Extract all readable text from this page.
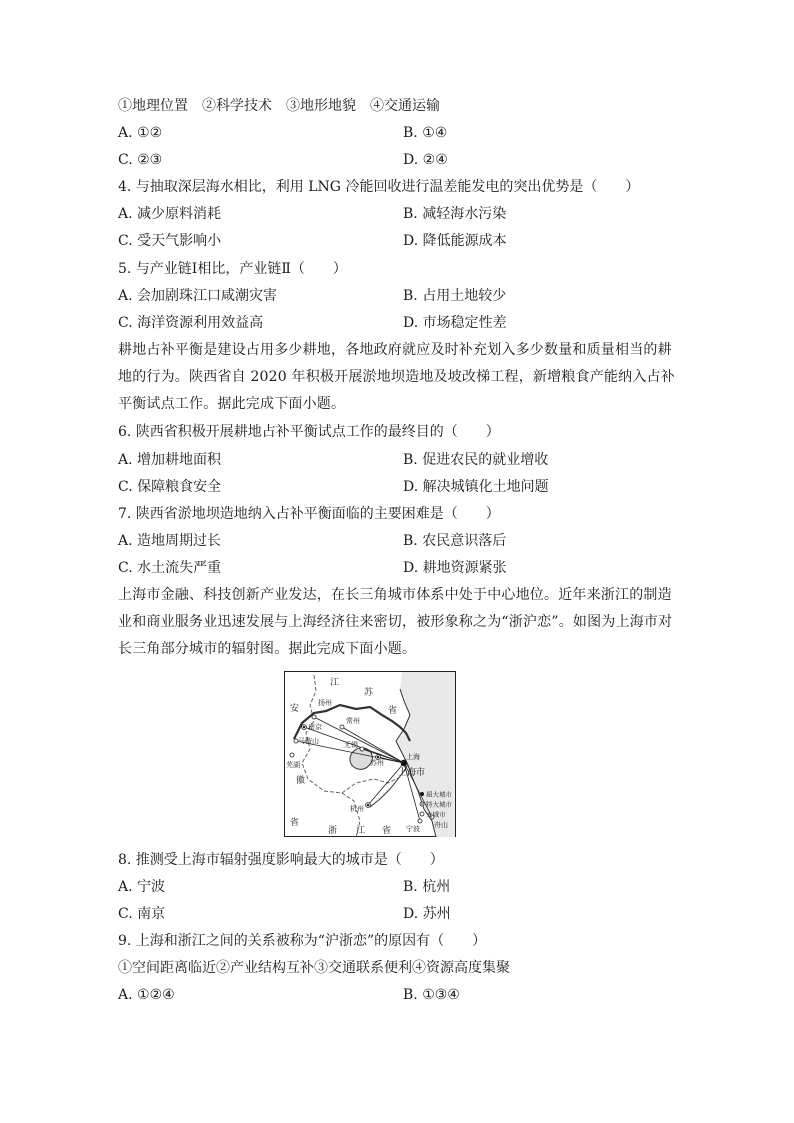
①地理位置　②科学技术　③地形地貌　④交通运输
A. ①②	B. ①④
C. ②③	D. ②④
4. 与抽取深层海水相比，利用 LNG 冷能回收进行温差能发电的突出优势是（　　）
A. 减少原料消耗	B. 减轻海水污染
C. 受天气影响小	D. 降低能源成本
5. 与产业链Ⅰ相比，产业链Ⅱ（　　）
A. 会加剧珠江口咸潮灾害	B. 占用土地较少
C. 海洋资源利用效益高	D. 市场稳定性差
耕地占补平衡是建设占用多少耕地，各地政府就应及时补充划入多少数量和质量相当的耕地的行为。陕西省自 2020 年积极开展淤地坝造地及坡改梯工程，新增粮食产能纳入占补平衡试点工作。据此完成下面小题。
6. 陕西省积极开展耕地占补平衡试点工作的最终目的（　　）
A. 增加耕地面积	B. 促进农民的就业增收
C. 保障粮食安全	D. 解决城镇化土地问题
7. 陕西省淤地坝造地纳入占补平衡面临的主要困难是（　　）
A. 造地周期过长	B. 农民意识落后
C. 水土流失严重	D. 耕地资源紧张
上海市金融、科技创新产业发达，在长三角城市体系中处于中心地位。近年来浙江的制造业和商业服务业迅速发展与上海经济往来密切，被形象称之为“浙沪恋”。如图为上海市对长三角部分城市的辐射图。据此完成下面小题。
江
苏
省
安
徽
省
浙 江 省
扬州
南京
常州
马鞍山	无锡
苏州
芜湖
上海
杭州
宁波 舟山
上海市
超大城市
特大城市
大城市
8. 推测受上海市辐射强度影响最大的城市是（　　）
A. 宁波	B. 杭州
C. 南京	D. 苏州
9. 上海和浙江之间的关系被称为“沪浙恋”的原因有（　　）
①空间距离临近②产业结构互补③交通联系便利④资源高度集聚
A. ①②④	B. ①③④
